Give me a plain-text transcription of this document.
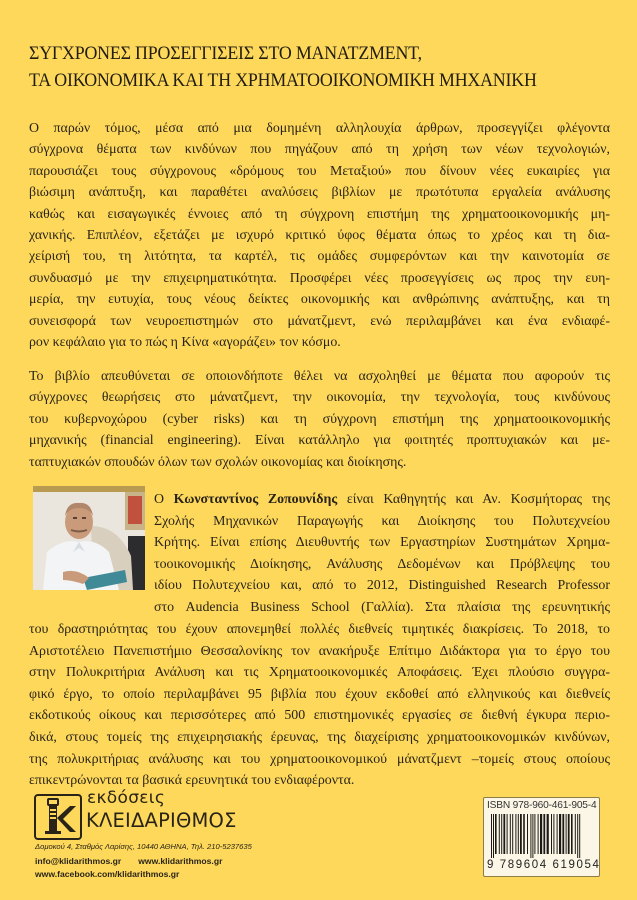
ΣΥΓΧΡΟΝΕΣ ΠΡΟΣΕΓΓΙΣΕΙΣ ΣΤΟ ΜΑΝΑΤΖΜΕΝΤ,
ΤΑ ΟΙΚΟΝΟΜΙΚΑ ΚΑΙ ΤΗ ΧΡΗΜΑΤΟΟΙΚΟΝΟΜΙΚΗ ΜΗΧΑΝΙΚΗ
Ο παρών τόμος, μέσα από μια δομημένη αλληλουχία άρθρων, προσεγγίζει φλέγοντα
σύγχρονα θέματα των κινδύνων που πηγάζουν από τη χρήση των νέων τεχνολογιών,
παρουσιάζει τους σύγχρονους «δρόμους του Μεταξιού» που δίνουν νέες ευκαιρίες για
βιώσιμη ανάπτυξη, και παραθέτει αναλύσεις βιβλίων με πρωτότυπα εργαλεία ανάλυσης
καθώς και εισαγωγικές έννοιες από τη σύγχρονη επιστήμη της χρηματοοικονομικής μη-
χανικής. Επιπλέον, εξετάζει με ισχυρό κριτικό ύφος θέματα όπως το χρέος και τη δια-
χείρισή του, τη λιτότητα, τα καρτέλ, τις ομάδες συμφερόντων και την καινοτομία σε
συνδυασμό με την επιχειρηματικότητα. Προσφέρει νέες προσεγγίσεις ως προς την ευη-
μερία, την ευτυχία, τους νέους δείκτες οικονομικής και ανθρώπινης ανάπτυξης, και τη
συνεισφορά των νευροεπιστημών στο μάνατζμεντ, ενώ περιλαμβάνει και ένα ενδιαφέ-
ρον κεφάλαιο για το πώς η Κίνα «αγοράζει» τον κόσμο.
Το βιβλίο απευθύνεται σε οποιονδήποτε θέλει να ασχοληθεί με θέματα που αφορούν τις
σύγχρονες θεωρήσεις στο μάνατζμεντ, την οικονομία, την τεχνολογία, τους κινδύνους
του κυβερνοχώρου (cyber risks) και τη σύγχρονη επιστήμη της χρηματοοικονομικής
μηχανικής (financial engineering). Είναι κατάλληλο για φοιτητές προπτυχιακών και με-
ταπτυχιακών σπουδών όλων των σχολών οικονομίας και διοίκησης.
Ο Κωνσταντίνος Ζοπουνίδης είναι Καθηγητής και Αν. Κοσμήτορας της
Σχολής Μηχανικών Παραγωγής και Διοίκησης του Πολυτεχνείου
Κρήτης. Είναι επίσης Διευθυντής των Εργαστηρίων Συστημάτων Χρημα-
τοοικονομικής Διοίκησης, Ανάλυσης Δεδομένων και Πρόβλεψης του
ιδίου Πολυτεχνείου και, από το 2012, Distinguished Research Professor
στο Audencia Business School (Γαλλία). Στα πλαίσια της ερευνητικής
του δραστηριότητας του έχουν απονεμηθεί πολλές διεθνείς τιμητικές διακρίσεις. Το 2018, το
Αριστοτέλειο Πανεπιστήμιο Θεσσαλονίκης τον ανακήρυξε Επίτιμο Διδάκτορα για το έργο του
στην Πολυκριτήρια Ανάλυση και τις Χρηματοοικονομικές Αποφάσεις. Έχει πλούσιο συγγρα-
φικό έργο, το οποίο περιλαμβάνει 95 βιβλία που έχουν εκδοθεί από ελληνικούς και διεθνείς
εκδοτικούς οίκους και περισσότερες από 500 επιστημονικές εργασίες σε διεθνή έγκυρα περιο-
δικά, στους τομείς της επιχειρησιακής έρευνας, της διαχείρισης χρηματοοικονομικών κινδύνων,
της πολυκριτήριας ανάλυσης και του χρηματοοικονομικού μάνατζμεντ –τομείς στους οποίους
επικεντρώνονται τα βασικά ερευνητικά του ενδιαφέροντα.
εκδόσεις
ΚΛΕΙΔΑΡΙΘΜΟΣ
Δομοκού 4, Σταθμός Λαρίσης, 10440 ΑΘΗΝΑ, Τηλ. 210-5237635
info@klidarithmos.gr www.klidarithmos.gr
www.facebook.com/klidarithmos.gr
ISBN 978-960-461-905-4
9 789604 619054
